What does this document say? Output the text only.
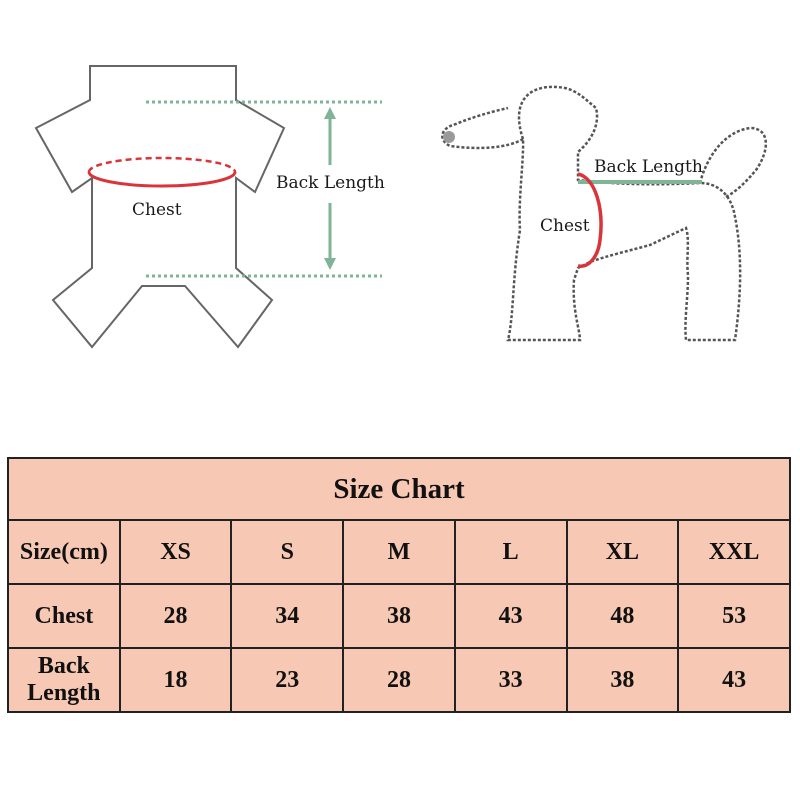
Chest
Back Length
Back Length
Chest
Size Chart						
Size(cm)	XS	S	M	L	XL	XXL
Chest	28	34	38	43	48	53
Back Length	18	23	28	33	38	43
